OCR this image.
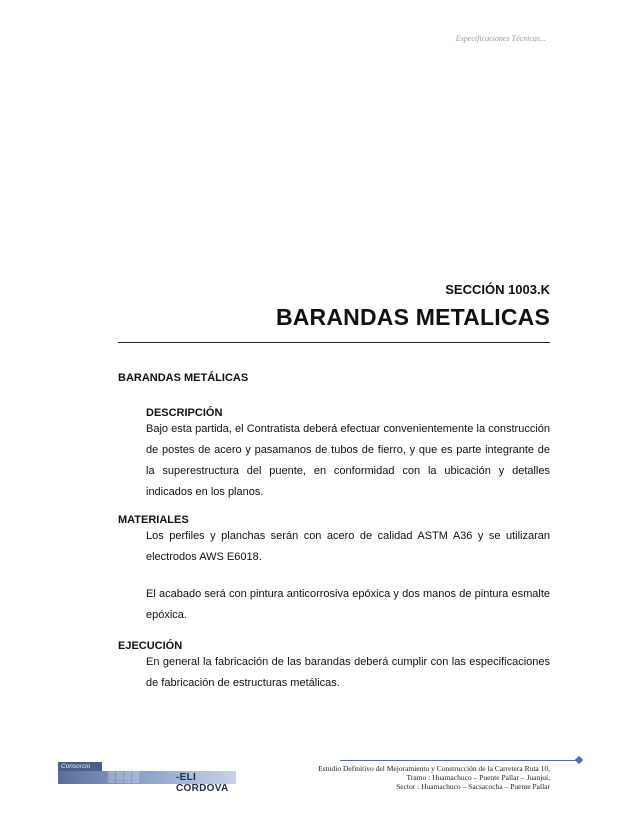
Especificaciones Técnicas...
SECCIÓN 1003.K
BARANDAS METALICAS
BARANDAS METÁLICAS
DESCRIPCIÓN
Bajo esta partida, el Contratista deberá efectuar convenientemente la construcción de postes de acero y pasamanos de tubos de fierro, y que es parte integrante de la superestructura del puente, en conformidad con la ubicación y detalles indicados en los planos.
MATERIALES
Los perfiles y planchas serán con acero de calidad ASTM A36 y se utilizaran electrodos AWS E6018.
El acabado será con pintura anticorrosiva epóxica y dos manos de pintura esmalte epóxica.
EJECUCIÓN
En general la fabricación de las barandas deberá cumplir con las especificaciones de fabricación de estructuras metálicas.
Consorcio
▒▒▒▒	-ELI CORDOVA
Estudio Definitivo del Mejoramiento y Construcción de la Carretera Ruta 10,
Tramo : Huamachuco – Puente Pallar – Juanjuí,
Sector : Huamachuco – Sacsacocha – Puente Pallar
